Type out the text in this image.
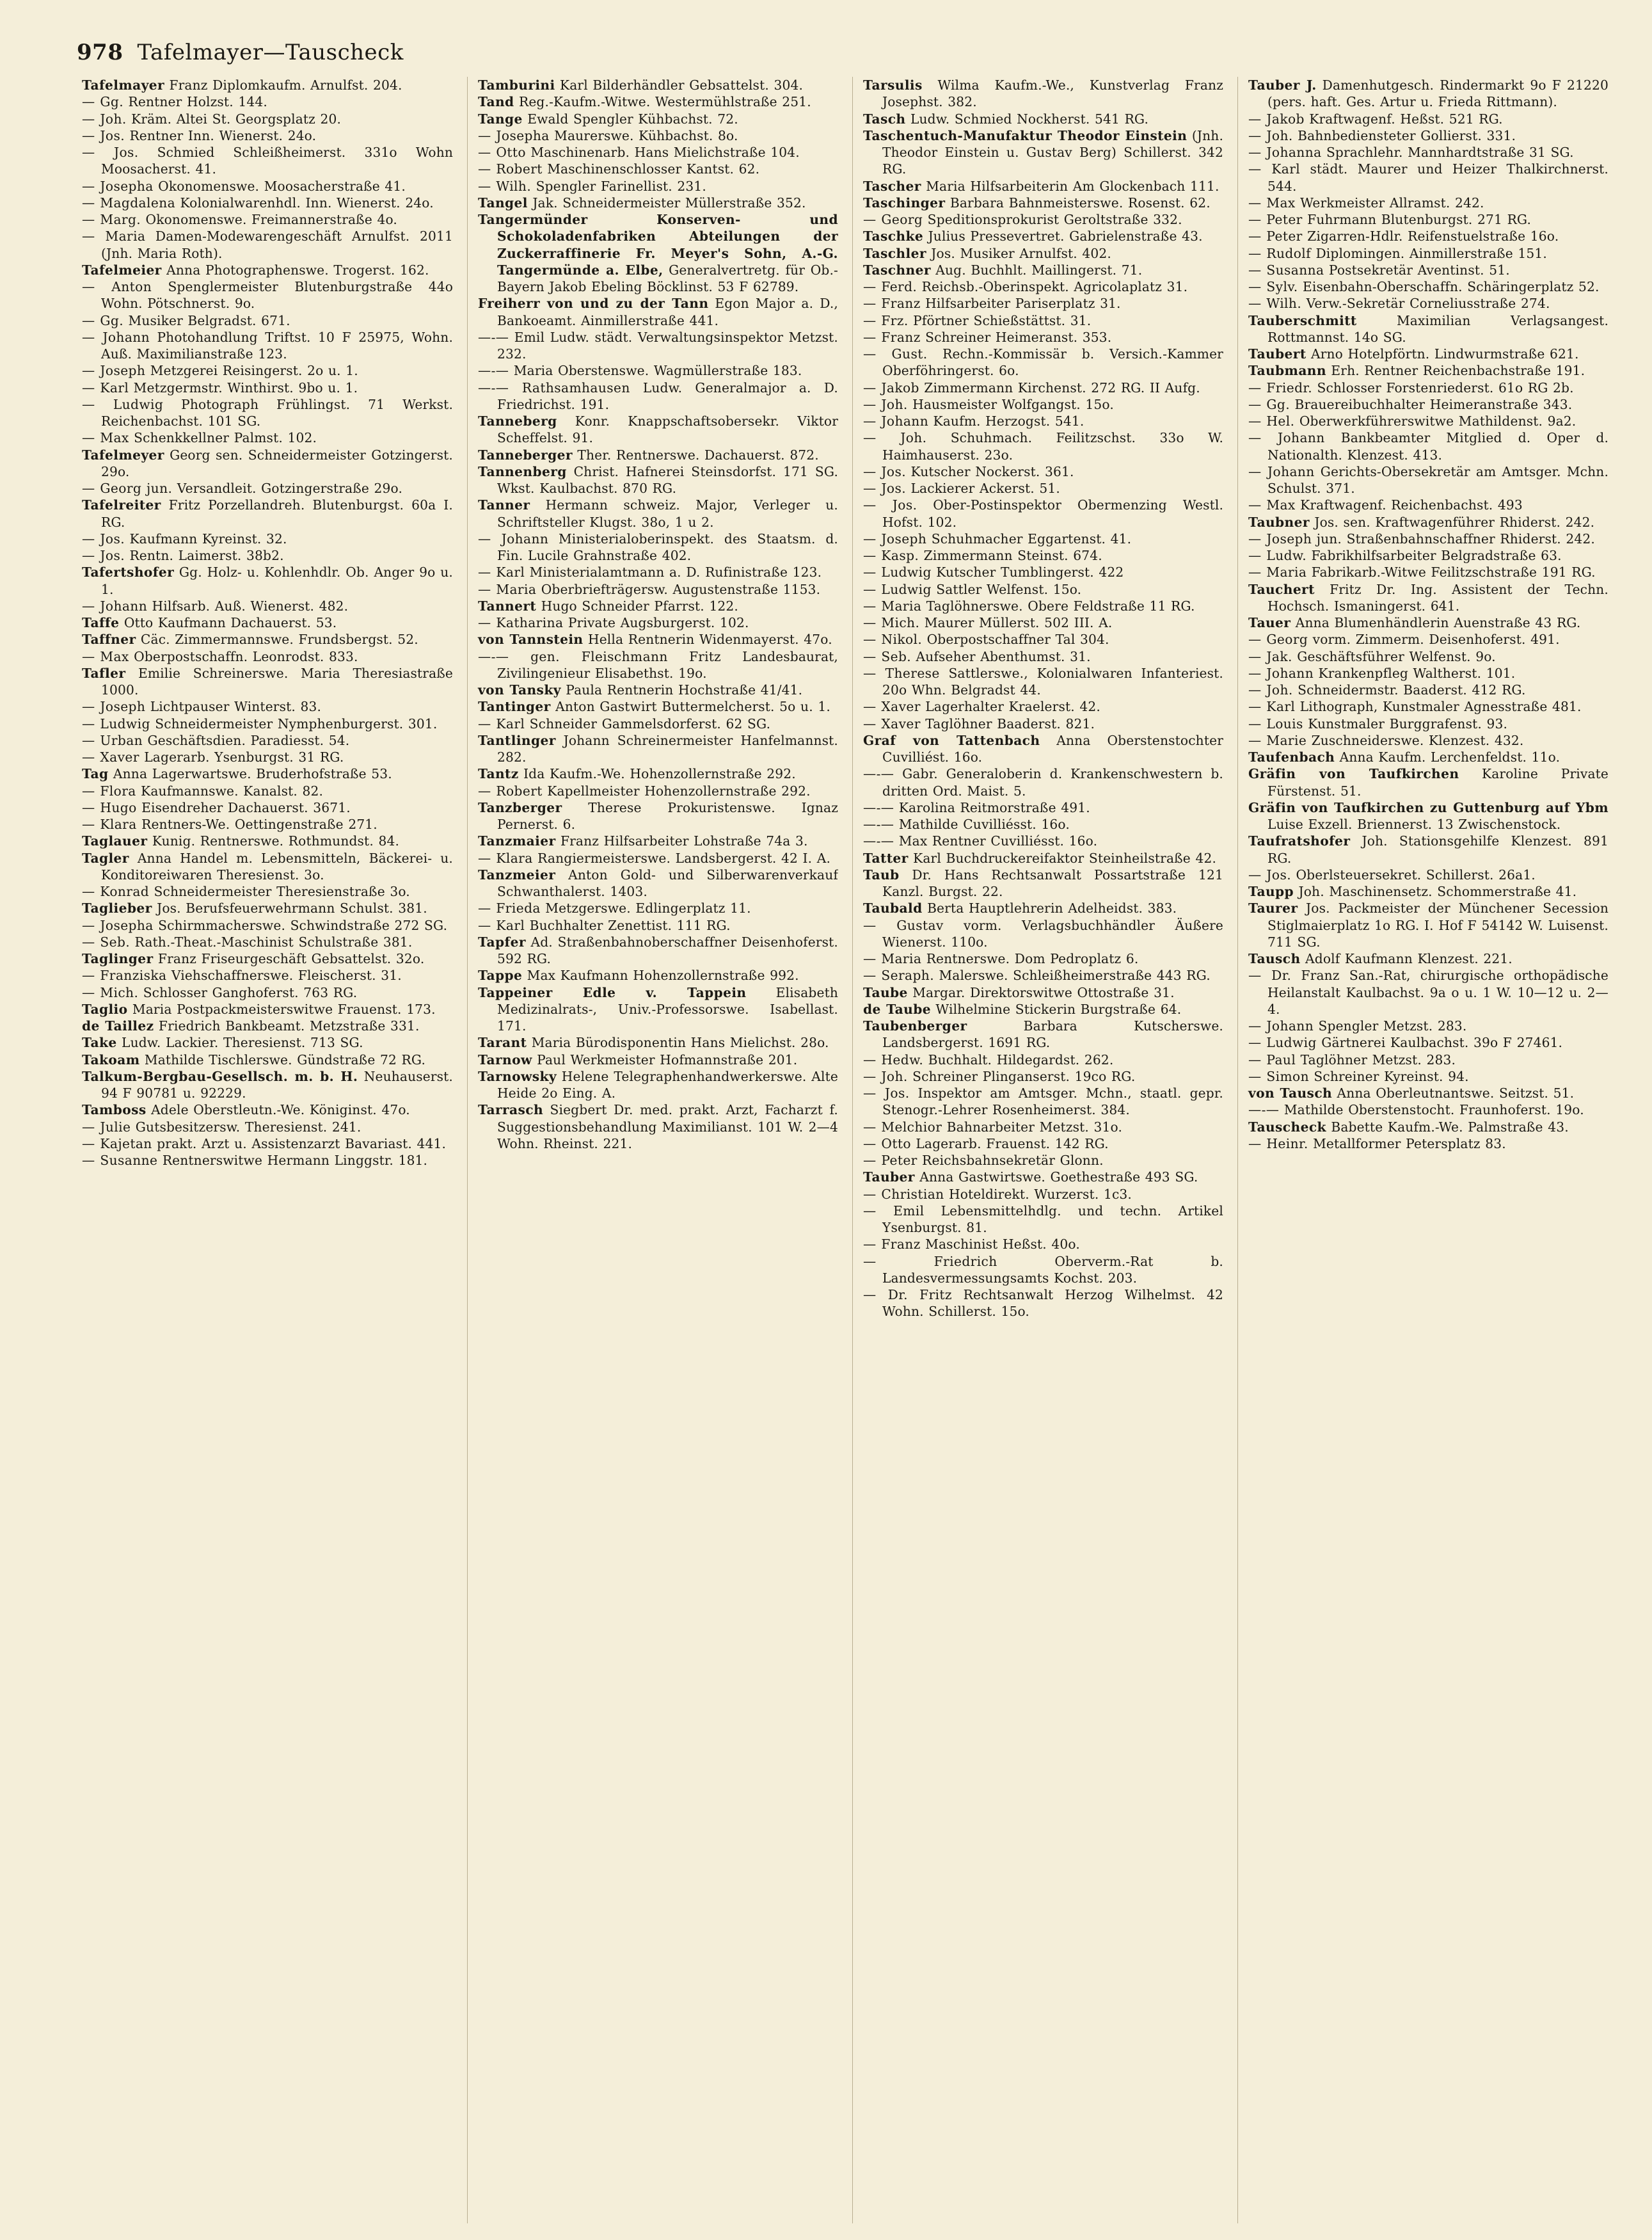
978 Tafelmayer—Tauscheck

Tafelmayer Franz Diplomkaufm. Arnulfst. 204.

— Gg. Rentner Holzst. 144.

— Joh. Kräm. Altei St. Georgsplatz 20.

— Jos. Rentner Inn. Wienerst. 24o.

— Jos. Schmied Schleißheimerst. 331o Wohn Moosacherst. 41.

— Josepha Okonomenswe. Moosacherstraße 41.

— Magdalena Kolonialwarenhdl. Inn. Wienerst. 24o.

— Marg. Okonomenswe. Freimannerstraße 4o.

— Maria Damen-Modewarengeschäft Arnulfst. 2011 (Jnh. Maria Roth).

Tafelmeier Anna Photographenswe. Trogerst. 162.

— Anton Spenglermeister Blutenburgstraße 44o Wohn. Pötschnerst. 9o.

— Gg. Musiker Belgradst. 671.

— Johann Photohandlung Triftst. 10 F 25975, Wohn. Auß. Maximilianstraße 123.

— Joseph Metzgerei Reisingerst. 2o u. 1.

— Karl Metzgermstr. Winthirst. 9bo u. 1.

— Ludwig Photograph Frühlingst. 71 Werkst. Reichenbachst. 101 SG.

— Max Schenkkellner Palmst. 102.

Tafelmeyer Georg sen. Schneidermeister Gotzingerst. 29o.

— Georg jun. Versandleit. Gotzingerstraße 29o.

Tafelreiter Fritz Porzellandreh. Blutenburgst. 60a I. RG.

— Jos. Kaufmann Kyreinst. 32.

— Jos. Rentn. Laimerst. 38b2.

Tafertshofer Gg. Holz- u. Kohlenhdlr. Ob. Anger 9o u. 1.

— Johann Hilfsarb. Auß. Wienerst. 482.

Taffe Otto Kaufmann Dachauerst. 53.

Taffner Cäc. Zimmermannswe. Frundsbergst. 52.

— Max Oberpostschaffn. Leonrodst. 833.

Tafler Emilie Schreinerswe. Maria Theresiastraße 1000.

— Joseph Lichtpauser Winterst. 83.

— Ludwig Schneidermeister Nymphenburgerst. 301.

— Urban Geschäftsdien. Paradiesst. 54.

— Xaver Lagerarb. Ysenburgst. 31 RG.

Tag Anna Lagerwartswe. Bruderhofstraße 53.

— Flora Kaufmannswe. Kanalst. 82.

— Hugo Eisendreher Dachauerst. 3671.

— Klara Rentners-We. Oettingenstraße 271.

Taglauer Kunig. Rentnerswe. Rothmundst. 84.

Tagler Anna Handel m. Lebensmitteln, Bäckerei- u. Konditoreiwaren Theresienst. 3o.

— Konrad Schneidermeister Theresienstraße 3o.

Taglieber Jos. Berufsfeuerwehrmann Schulst. 381.

— Josepha Schirmmacherswe. Schwindstraße 272 SG.

— Seb. Rath.-Theat.-Maschinist Schulstraße 381.

Taglinger Franz Friseurgeschäft Gebsattelst. 32o.

— Franziska Viehschaffnerswe. Fleischerst. 31.

— Mich. Schlosser Ganghoferst. 763 RG.

Taglio Maria Postpackmeisterswitwe Frauenst. 173.

de Taillez Friedrich Bankbeamt. Metzstraße 331.

Take Ludw. Lackier. Theresienst. 713 SG.

Takoam Mathilde Tischlerswe. Gündstraße 72 RG.

Talkum-Bergbau-Gesellsch. m. b. H. Neuhauserst. 94 F 90781 u. 92229.

Tamboss Adele Oberstleutn.-We. Königinst. 47o.

— Julie Gutsbesitzersw. Theresienst. 241.

— Kajetan prakt. Arzt u. Assistenzarzt Bavariast. 441.

— Susanne Rentnerswitwe Hermann Linggstr. 181.

Tamburini Karl Bilderhändler Gebsattelst. 304.

Tand Reg.-Kaufm.-Witwe. Westermühlstraße 251.

Tange Ewald Spengler Kühbachst. 72.

— Josepha Maurerswe. Kühbachst. 8o.

— Otto Maschinenarb. Hans Mielichstraße 104.

— Robert Maschinenschlosser Kantst. 62.

— Wilh. Spengler Farinellist. 231.

Tangel Jak. Schneidermeister Müllerstraße 352.

Tangermünder Konserven- und Schokoladenfabriken Abteilungen der Zuckerraffinerie Fr. Meyer's Sohn, A.-G. Tangermünde a. Elbe, Generalvertretg. für Ob.-Bayern Jakob Ebeling Böcklinst. 53 F 62789.

Freiherr von und zu der Tann Egon Major a. D., Bankoeamt. Ainmillerstraße 441.

—-— Emil Ludw. städt. Verwaltungsinspektor Metzst. 232.

—-— Maria Oberstenswe. Wagmüllerstraße 183.

—-— Rathsamhausen Ludw. Generalmajor a. D. Friedrichst. 191.

Tanneberg Konr. Knappschaftsobersekr. Viktor Scheffelst. 91.

Tanneberger Ther. Rentnerswe. Dachauerst. 872.

Tannenberg Christ. Hafnerei Steinsdorfst. 171 SG. Wkst. Kaulbachst. 870 RG.

Tanner Hermann schweiz. Major, Verleger u. Schriftsteller Klugst. 38o, 1 u 2.

— Johann Ministerialoberinspekt. des Staatsm. d. Fin. Lucile Grahnstraße 402.

— Karl Ministerialamtmann a. D. Rufinistraße 123.

— Maria Oberbriefträgersw. Augustenstraße 1153.

Tannert Hugo Schneider Pfarrst. 122.

— Katharina Private Augsburgerst. 102.

von Tannstein Hella Rentnerin Widenmayerst. 47o.

—-— gen. Fleischmann Fritz Landesbaurat, Zivilingenieur Elisabethst. 19o.

von Tansky Paula Rentnerin Hochstraße 41/41.

Tantinger Anton Gastwirt Buttermelcherst. 5o u. 1.

— Karl Schneider Gammelsdorferst. 62 SG.

Tantlinger Johann Schreinermeister Hanfelmannst. 282.

Tantz Ida Kaufm.-We. Hohenzollernstraße 292.

— Robert Kapellmeister Hohenzollernstraße 292.

Tanzberger Therese Prokuristenswe. Ignaz Pernerst. 6.

Tanzmaier Franz Hilfsarbeiter Lohstraße 74a 3.

— Klara Rangiermeisterswe. Landsbergerst. 42 I. A.

Tanzmeier Anton Gold- und Silberwarenverkauf Schwanthalerst. 1403.

— Frieda Metzgerswe. Edlingerplatz 11.

— Karl Buchhalter Zenettist. 111 RG.

Tapfer Ad. Straßenbahnoberschaffner Deisenhoferst. 592 RG.

Tappe Max Kaufmann Hohenzollernstraße 992.

Tappeiner Edle v. Tappein Elisabeth Medizinalrats-, Univ.-Professorswe. Isabellast. 171.

Tarant Maria Bürodisponentin Hans Mielichst. 28o.

Tarnow Paul Werkmeister Hofmannstraße 201.

Tarnowsky Helene Telegraphenhandwerkerswe. Alte Heide 2o Eing. A.

Tarrasch Siegbert Dr. med. prakt. Arzt, Facharzt f. Suggestionsbehandlung Maximilianst. 101 W. 2—4 Wohn. Rheinst. 221.

Tarsulis Wilma Kaufm.-We., Kunstverlag Franz Josephst. 382.

Tasch Ludw. Schmied Nockherst. 541 RG.

Taschentuch-Manufaktur Theodor Einstein (Jnh. Theodor Einstein u. Gustav Berg) Schillerst. 342 RG.

Tascher Maria Hilfsarbeiterin Am Glockenbach 111.

Taschinger Barbara Bahnmeisterswe. Rosenst. 62.

— Georg Speditionsprokurist Geroltstraße 332.

Taschke Julius Pressevertret. Gabrielenstraße 43.

Taschler Jos. Musiker Arnulfst. 402.

Taschner Aug. Buchhlt. Maillingerst. 71.

— Ferd. Reichsb.-Oberinspekt. Agricolaplatz 31.

— Franz Hilfsarbeiter Pariserplatz 31.

— Frz. Pförtner Schießstättst. 31.

— Franz Schreiner Heimeranst. 353.

— Gust. Rechn.-Kommissär b. Versich.-Kammer Oberföhringerst. 6o.

— Jakob Zimmermann Kirchenst. 272 RG. II Aufg.

— Joh. Hausmeister Wolfgangst. 15o.

— Johann Kaufm. Herzogst. 541.

— Joh. Schuhmach. Feilitzschst. 33o W. Haimhauserst. 23o.

— Jos. Kutscher Nockerst. 361.

— Jos. Lackierer Ackerst. 51.

— Jos. Ober-Postinspektor Obermenzing Westl. Hofst. 102.

— Joseph Schuhmacher Eggartenst. 41.

— Kasp. Zimmermann Steinst. 674.

— Ludwig Kutscher Tumblingerst. 422

— Ludwig Sattler Welfenst. 15o.

— Maria Taglöhnerswe. Obere Feldstraße 11 RG.

— Mich. Maurer Müllerst. 502 III. A.

— Nikol. Oberpostschaffner Tal 304.

— Seb. Aufseher Abenthumst. 31.

— Therese Sattlerswe., Kolonialwaren Infanteriest. 20o Whn. Belgradst 44.

— Xaver Lagerhalter Kraelerst. 42.

— Xaver Taglöhner Baaderst. 821.

Graf von Tattenbach Anna Oberstenstochter Cuvilliést. 16o.

—-— Gabr. Generaloberin d. Krankenschwestern b. dritten Ord. Maist. 5.

—-— Karolina Reitmorstraße 491.

—-— Mathilde Cuvilliésst. 16o.

—-— Max Rentner Cuvilliésst. 16o.

Tatter Karl Buchdruckereifaktor Steinheilstraße 42.

Taub Dr. Hans Rechtsanwalt Possartstraße 121 Kanzl. Burgst. 22.

Taubald Berta Hauptlehrerin Adelheidst. 383.

— Gustav vorm. Verlagsbuchhändler Äußere Wienerst. 110o.

— Maria Rentnerswe. Dom Pedroplatz 6.

— Seraph. Malerswe. Schleißheimerstraße 443 RG.

Taube Margar. Direktorswitwe Ottostraße 31.

de Taube Wilhelmine Stickerin Burgstraße 64.

Taubenberger	Barbara Kutscherswe. Landsbergerst. 1691 RG.

— Hedw. Buchhalt. Hildegardst. 262.

— Joh. Schreiner Plinganserst. 19co RG.

— Jos. Inspektor am Amtsger. Mchn., staatl. gepr. Stenogr.-Lehrer Rosenheimerst. 384.

— Melchior Bahnarbeiter Metzst. 31o.

— Otto Lagerarb. Frauenst. 142 RG.

— Peter Reichsbahnsekretär Glonn.

Tauber Anna Gastwirtswe. Goethestraße 493 SG.

— Christian Hoteldirekt. Wurzerst. 1c3.

— Emil Lebensmittelhdlg. und techn. Artikel Ysenburgst. 81.

— Franz Maschinist Heßst. 40o.

— Friedrich	Oberverm.-Rat b. Landesvermessungsamts Kochst. 203.

— Dr. Fritz Rechtsanwalt Herzog Wilhelmst. 42 Wohn. Schillerst. 15o.

Tauber J. Damenhutgesch. Rindermarkt 9o F 21220 (pers. haft. Ges. Artur u. Frieda Rittmann).

— Jakob Kraftwagenf. Heßst. 521 RG.

— Joh. Bahnbediensteter Gollierst. 331.

— Johanna Sprachlehr. Mannhardtstraße 31 SG.

— Karl städt. Maurer und Heizer Thalkirchnerst. 544.

— Max Werkmeister Allramst. 242.

— Peter Fuhrmann Blutenburgst. 271 RG.

— Peter Zigarren-Hdlr. Reifenstuelstraße 16o.

— Rudolf Diplomingen. Ainmillerstraße 151.

— Susanna Postsekretär Aventinst. 51.

— Sylv. Eisenbahn-Oberschaffn. Schäringerplatz 52.

— Wilh. Verw.-Sekretär Corneliusstraße 274.

Tauberschmitt	Maximilian Verlagsangest. Rottmannst. 14o SG.

Taubert Arno Hotelpförtn. Lindwurmstraße 621.

Taubmann Erh. Rentner Reichenbachstraße 191.

— Friedr. Schlosser Forstenriederst. 61o RG 2b.

— Gg. Brauereibuchhalter Heimeranstraße 343.

— Hel. Oberwerkführerswitwe Mathildenst. 9a2.

— Johann Bankbeamter Mitglied d. Oper d. Nationalth. Klenzest. 413.

— Johann Gerichts-Obersekretär am Amtsger. Mchn. Schulst. 371.

— Max Kraftwagenf. Reichenbachst. 493

Taubner Jos. sen. Kraftwagenführer Rhiderst. 242.

— Joseph jun. Straßenbahnschaffner Rhiderst. 242.

— Ludw. Fabrikhilfsarbeiter Belgradstraße 63.

— Maria Fabrikarb.-Witwe Feilitzschstraße 191 RG.

Tauchert Fritz Dr. Ing. Assistent der Techn. Hochsch. Ismaningerst. 641.

Tauer Anna Blumenhändlerin Auenstraße 43 RG.

— Georg vorm. Zimmerm. Deisenhoferst. 491.

— Jak. Geschäftsführer Welfenst. 9o.

— Johann Krankenpfleg Waltherst. 101.

— Joh. Schneidermstr. Baaderst. 412 RG.

— Karl Lithograph, Kunstmaler Agnesstraße 481.

— Louis Kunstmaler Burggrafenst. 93.

— Marie Zuschneiderswe. Klenzest. 432.

Taufenbach Anna Kaufm. Lerchenfeldst. 11o.

Gräfin von Taufkirchen Karoline Private Fürstenst. 51.

Gräfin von Taufkirchen zu Guttenburg auf Ybm Luise Exzell. Briennerst. 13 Zwischenstock.

Taufratshofer Joh. Stationsgehilfe Klenzest. 891 RG.

— Jos. Oberlsteuersekret. Schillerst. 26a1.

Taupp Joh. Maschinensetz. Schommerstraße 41.

Taurer Jos. Packmeister der Münchener Secession Stiglmaierplatz 1o RG. I. Hof F 54142 W. Luisenst. 711 SG.

Tausch Adolf Kaufmann Klenzest. 221.

— Dr. Franz San.-Rat, chirurgische orthopädische Heilanstalt Kaulbachst. 9a o u. 1 W. 10—12 u. 2—4.

— Johann Spengler Metzst. 283.

— Ludwig Gärtnerei Kaulbachst. 39o F 27461.

— Paul Taglöhner Metzst. 283.

— Simon Schreiner Kyreinst. 94.

von Tausch Anna Oberleutnantswe. Seitzst. 51.

—-— Mathilde Oberstenstocht. Fraunhoferst. 19o.

Tauscheck Babette Kaufm.-We. Palmstraße 43.

— Heinr. Metallformer Petersplatz 83.
